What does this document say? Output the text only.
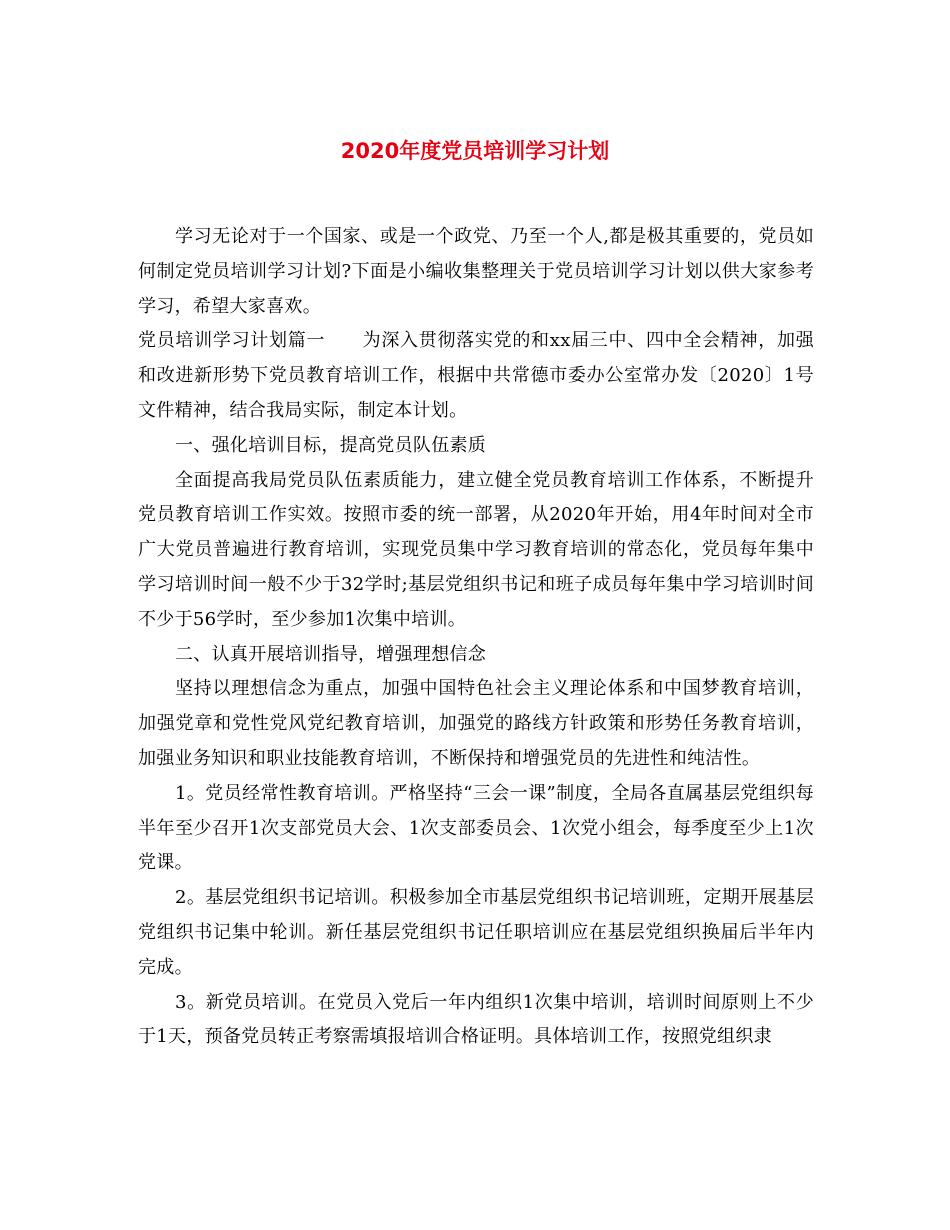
2020年度党员培训学习计划

学习无论对于一个国家、或是一个政党、乃至一个人,都是极其重要的，党员如何制定党员培训学习计划?下面是小编收集整理关于党员培训学习计划以供大家参考学习，希望大家喜欢。

党员培训学习计划篇一　　为深入贯彻落实党的和xx届三中、四中全会精神，加强和改进新形势下党员教育培训工作，根据中共常德市委办公室常办发〔2020〕1号文件精神，结合我局实际，制定本计划。

一、强化培训目标，提高党员队伍素质

全面提高我局党员队伍素质能力，建立健全党员教育培训工作体系，不断提升党员教育培训工作实效。按照市委的统一部署，从2020年开始，用4年时间对全市广大党员普遍进行教育培训，实现党员集中学习教育培训的常态化，党员每年集中学习培训时间一般不少于32学时;基层党组织书记和班子成员每年集中学习培训时间不少于56学时，至少参加1次集中培训。

二、认真开展培训指导，增强理想信念

坚持以理想信念为重点，加强中国特色社会主义理论体系和中国梦教育培训，加强党章和党性党风党纪教育培训，加强党的路线方针政策和形势任务教育培训，加强业务知识和职业技能教育培训，不断保持和增强党员的先进性和纯洁性。

1。党员经常性教育培训。严格坚持“三会一课”制度，全局各直属基层党组织每半年至少召开1次支部党员大会、1次支部委员会、1次党小组会，每季度至少上1次党课。

2。基层党组织书记培训。积极参加全市基层党组织书记培训班，定期开展基层党组织书记集中轮训。新任基层党组织书记任职培训应在基层党组织换届后半年内完成。

3。新党员培训。在党员入党后一年内组织1次集中培训，培训时间原则上不少于1天，预备党员转正考察需填报培训合格证明。具体培训工作，按照党组织隶
